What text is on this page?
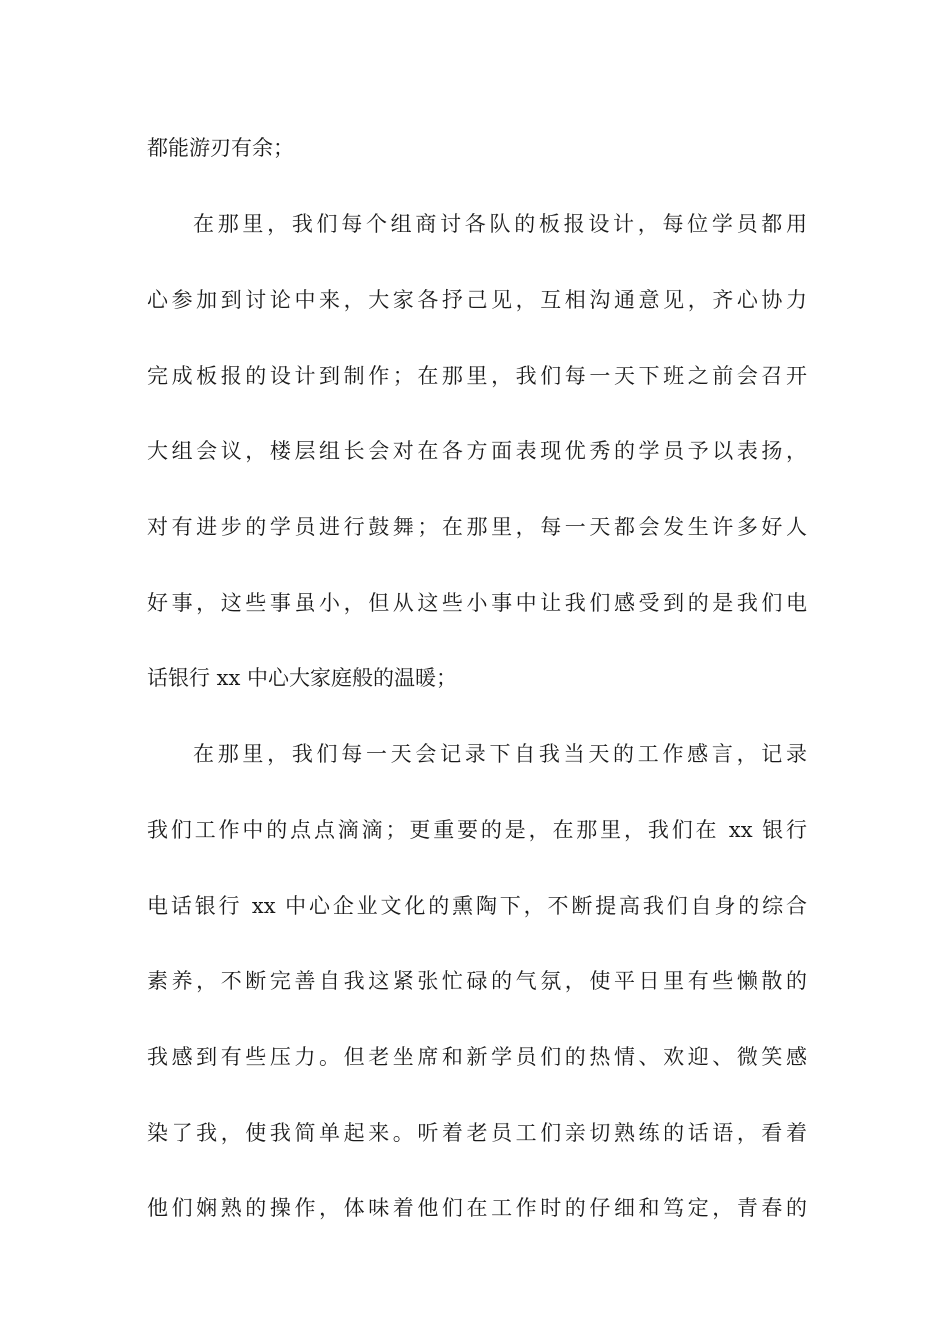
都能游刃有余；
在那里，我们每个组商讨各队的板报设计，每位学员都用
心参加到讨论中来，大家各抒己见，互相沟通意见，齐心协力
完成板报的设计到制作；在那里，我们每一天下班之前会召开
大组会议，楼层组长会对在各方面表现优秀的学员予以表扬，
对有进步的学员进行鼓舞；在那里，每一天都会发生许多好人
好事，这些事虽小，但从这些小事中让我们感受到的是我们电
话银行 xx 中心大家庭般的温暖；
在那里，我们每一天会记录下自我当天的工作感言，记录
我们工作中的点点滴滴；更重要的是，在那里，我们在 xx 银行
电话银行 xx 中心企业文化的熏陶下，不断提高我们自身的综合
素养，不断完善自我这紧张忙碌的气氛，使平日里有些懒散的
我感到有些压力。但老坐席和新学员们的热情、欢迎、微笑感
染了我，使我简单起来。听着老员工们亲切熟练的话语，看着
他们娴熟的操作，体味着他们在工作时的仔细和笃定，青春的
